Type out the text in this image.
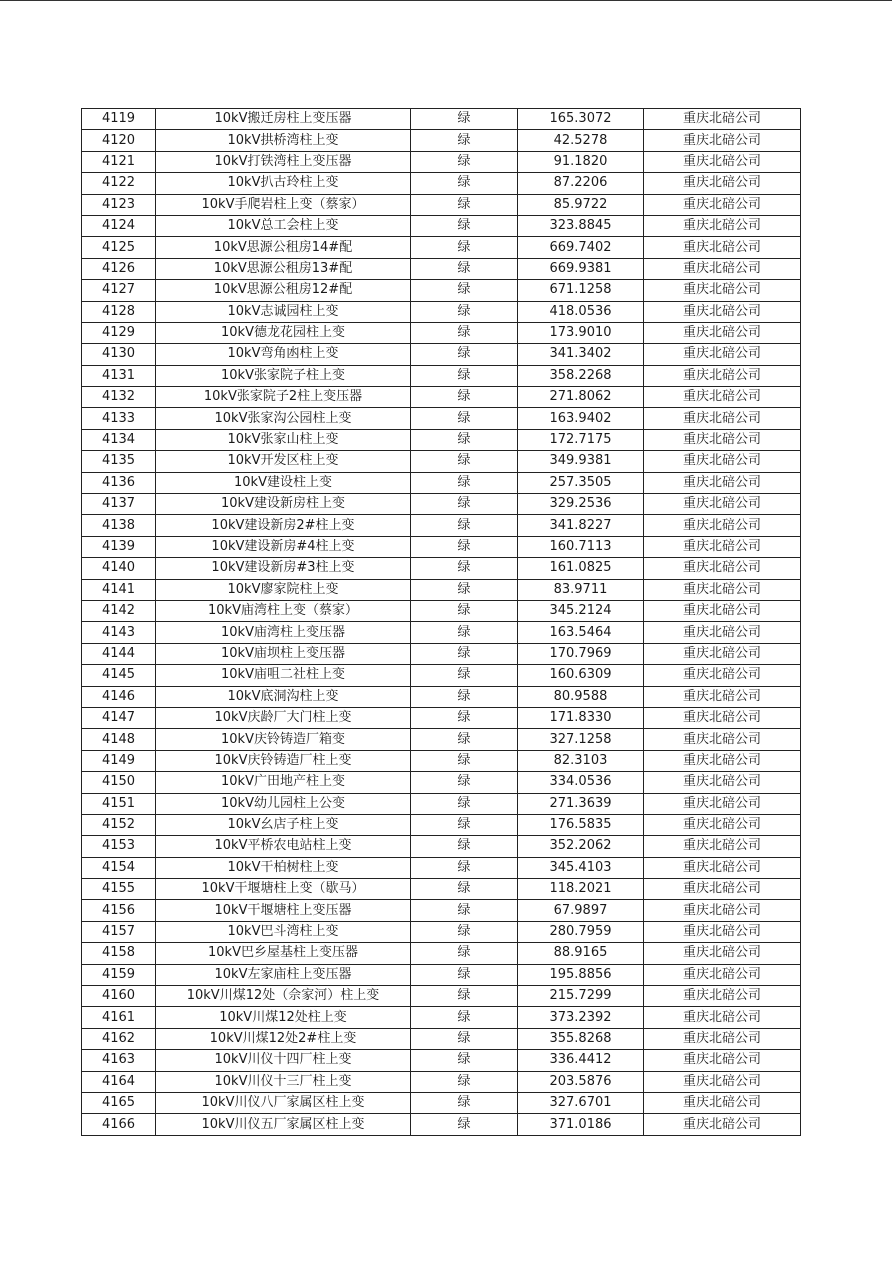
4119	10kV搬迁房柱上变压器	绿	165.3072	重庆北碚公司
4120	10kV拱桥湾柱上变	绿	42.5278	重庆北碚公司
4121	10kV打铁湾柱上变压器	绿	91.1820	重庆北碚公司
4122	10kV扒古玲柱上变	绿	87.2206	重庆北碚公司
4123	10kV手爬岩柱上变（蔡家）	绿	85.9722	重庆北碚公司
4124	10kV总工会柱上变	绿	323.8845	重庆北碚公司
4125	10kV思源公租房14#配	绿	669.7402	重庆北碚公司
4126	10kV思源公租房13#配	绿	669.9381	重庆北碚公司
4127	10kV思源公租房12#配	绿	671.1258	重庆北碚公司
4128	10kV志诚园柱上变	绿	418.0536	重庆北碚公司
4129	10kV德龙花园柱上变	绿	173.9010	重庆北碚公司
4130	10kV弯角凼柱上变	绿	341.3402	重庆北碚公司
4131	10kV张家院子柱上变	绿	358.2268	重庆北碚公司
4132	10kV张家院子2柱上变压器	绿	271.8062	重庆北碚公司
4133	10kV张家沟公园柱上变	绿	163.9402	重庆北碚公司
4134	10kV张家山柱上变	绿	172.7175	重庆北碚公司
4135	10kV开发区柱上变	绿	349.9381	重庆北碚公司
4136	10kV建设柱上变	绿	257.3505	重庆北碚公司
4137	10kV建设新房柱上变	绿	329.2536	重庆北碚公司
4138	10kV建设新房2#柱上变	绿	341.8227	重庆北碚公司
4139	10kV建设新房#4柱上变	绿	160.7113	重庆北碚公司
4140	10kV建设新房#3柱上变	绿	161.0825	重庆北碚公司
4141	10kV廖家院柱上变	绿	83.9711	重庆北碚公司
4142	10kV庙湾柱上变（蔡家）	绿	345.2124	重庆北碚公司
4143	10kV庙湾柱上变压器	绿	163.5464	重庆北碚公司
4144	10kV庙坝柱上变压器	绿	170.7969	重庆北碚公司
4145	10kV庙咀二社柱上变	绿	160.6309	重庆北碚公司
4146	10kV底洞沟柱上变	绿	80.9588	重庆北碚公司
4147	10kV庆龄厂大门柱上变	绿	171.8330	重庆北碚公司
4148	10kV庆铃铸造厂箱变	绿	327.1258	重庆北碚公司
4149	10kV庆铃铸造厂柱上变	绿	82.3103	重庆北碚公司
4150	10kV广田地产柱上变	绿	334.0536	重庆北碚公司
4151	10kV幼儿园柱上公变	绿	271.3639	重庆北碚公司
4152	10kV幺店子柱上变	绿	176.5835	重庆北碚公司
4153	10kV平桥农电站柱上变	绿	352.2062	重庆北碚公司
4154	10kV干柏树柱上变	绿	345.4103	重庆北碚公司
4155	10kV干堰塘柱上变（歇马）	绿	118.2021	重庆北碚公司
4156	10kV干堰塘柱上变压器	绿	67.9897	重庆北碚公司
4157	10kV巴斗湾柱上变	绿	280.7959	重庆北碚公司
4158	10kV巴乡屋基柱上变压器	绿	88.9165	重庆北碚公司
4159	10kV左家庙柱上变压器	绿	195.8856	重庆北碚公司
4160	10kV川煤12处（佘家河）柱上变	绿	215.7299	重庆北碚公司
4161	10kV川煤12处柱上变	绿	373.2392	重庆北碚公司
4162	10kV川煤12处2#柱上变	绿	355.8268	重庆北碚公司
4163	10kV川仪十四厂柱上变	绿	336.4412	重庆北碚公司
4164	10kV川仪十三厂柱上变	绿	203.5876	重庆北碚公司
4165	10kV川仪八厂家属区柱上变	绿	327.6701	重庆北碚公司
4166	10kV川仪五厂家属区柱上变	绿	371.0186	重庆北碚公司
